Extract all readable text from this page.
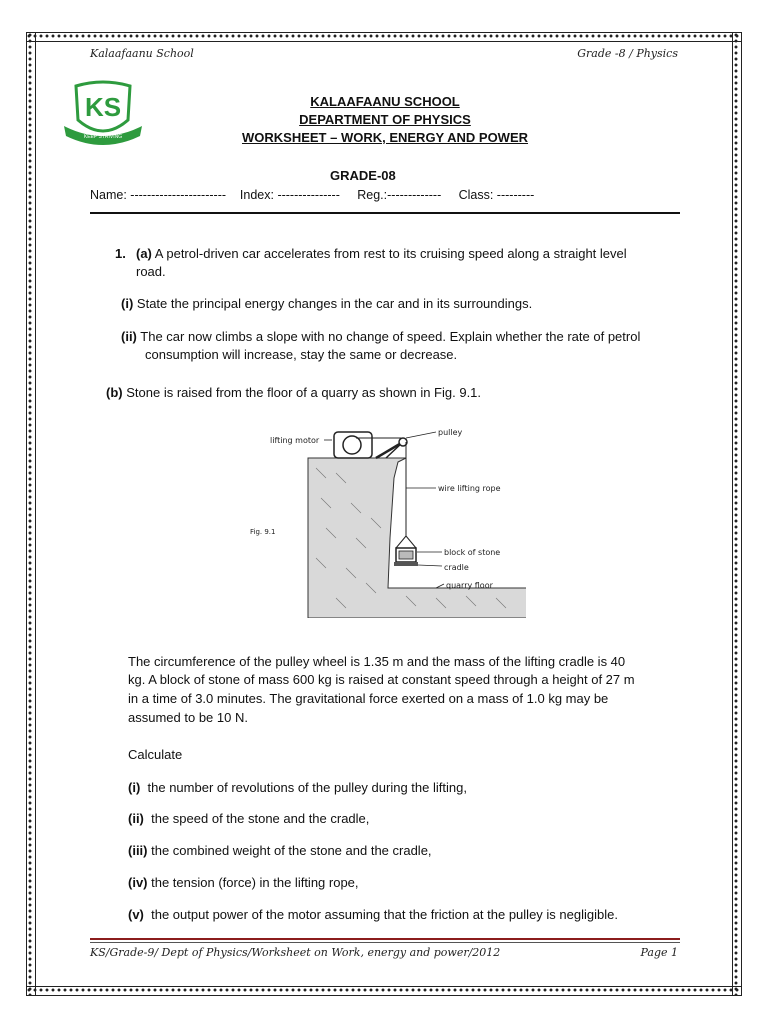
Kalaafaanu School	Grade -8 / Physics
KS
KEEP STRIVING
KALAAFAANU SCHOOL
DEPARTMENT OF PHYSICS
WORKSHEET – WORK, ENERGY AND POWER
GRADE-08
Name: -----------------------    Index: ---------------     Reg.:-------------     Class: ---------
1. (a) A petrol-driven car accelerates from rest to its cruising speed along a straight level
road.
(i) State the principal energy changes in the car and in its surroundings.
(ii) The car now climbs a slope with no change of speed. Explain whether the rate of petrol
consumption will increase, stay the same or decrease.
(b) Stone is raised from the floor of a quarry as shown in Fig. 9.1.
lifting motor
pulley
wire lifting rope
Fig. 9.1
block of stone
cradle
quarry floor
The circumference of the pulley wheel is 1.35 m and the mass of the lifting cradle is 40
kg. A block of stone of mass 600 kg is raised at constant speed through a height of 27 m
in a time of 3.0 minutes. The gravitational force exerted on a mass of 1.0 kg may be
assumed to be 10 N.
Calculate
(i) the number of revolutions of the pulley during the lifting,
(ii) the speed of the stone and the cradle,
(iii) the combined weight of the stone and the cradle,
(iv) the tension (force) in the lifting rope,
(v) the output power of the motor assuming that the friction at the pulley is negligible.
KS/Grade-9/ Dept of Physics/Worksheet on Work, energy and power/2012	Page 1
